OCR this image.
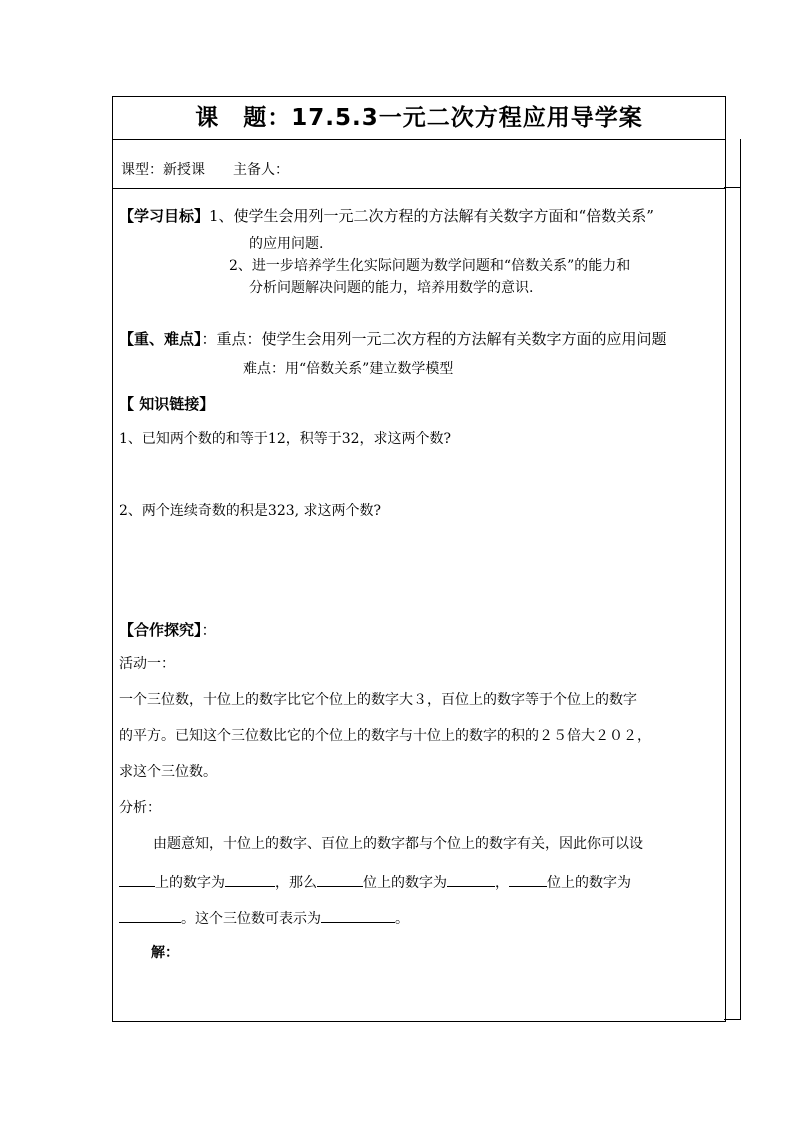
课　题：17.5.3一元二次方程应用导学案
课型：新授课　　主备人：
【学习目标】1、使学生会用列一元二次方程的方法解有关数字方面和“倍数关系”
的应用问题.
2、进一步培养学生化实际问题为数学问题和“倍数关系”的能力和
分析问题解决问题的能力，培养用数学的意识.
【重、难点】：重点：使学生会用列一元二次方程的方法解有关数字方面的应用问题
难点：用“倍数关系”建立数学模型
【 知识链接】
1、已知两个数的和等于12，积等于32，求这两个数?
2、两个连续奇数的积是323, 求这两个数?
【合作探究】：
活动一：
一个三位数，十位上的数字比它个位上的数字大３，百位上的数字等于个位上的数字
的平方。已知这个三位数比它的个位上的数字与十位上的数字的积的２５倍大２０２，
求这个三位数。
分析：
由题意知，十位上的数字、百位上的数字都与个位上的数字有关，因此你可以设
上的数字为	，那么	位上的数字为	，	位上的数字为
。这个三位数可表示为	。
解：
